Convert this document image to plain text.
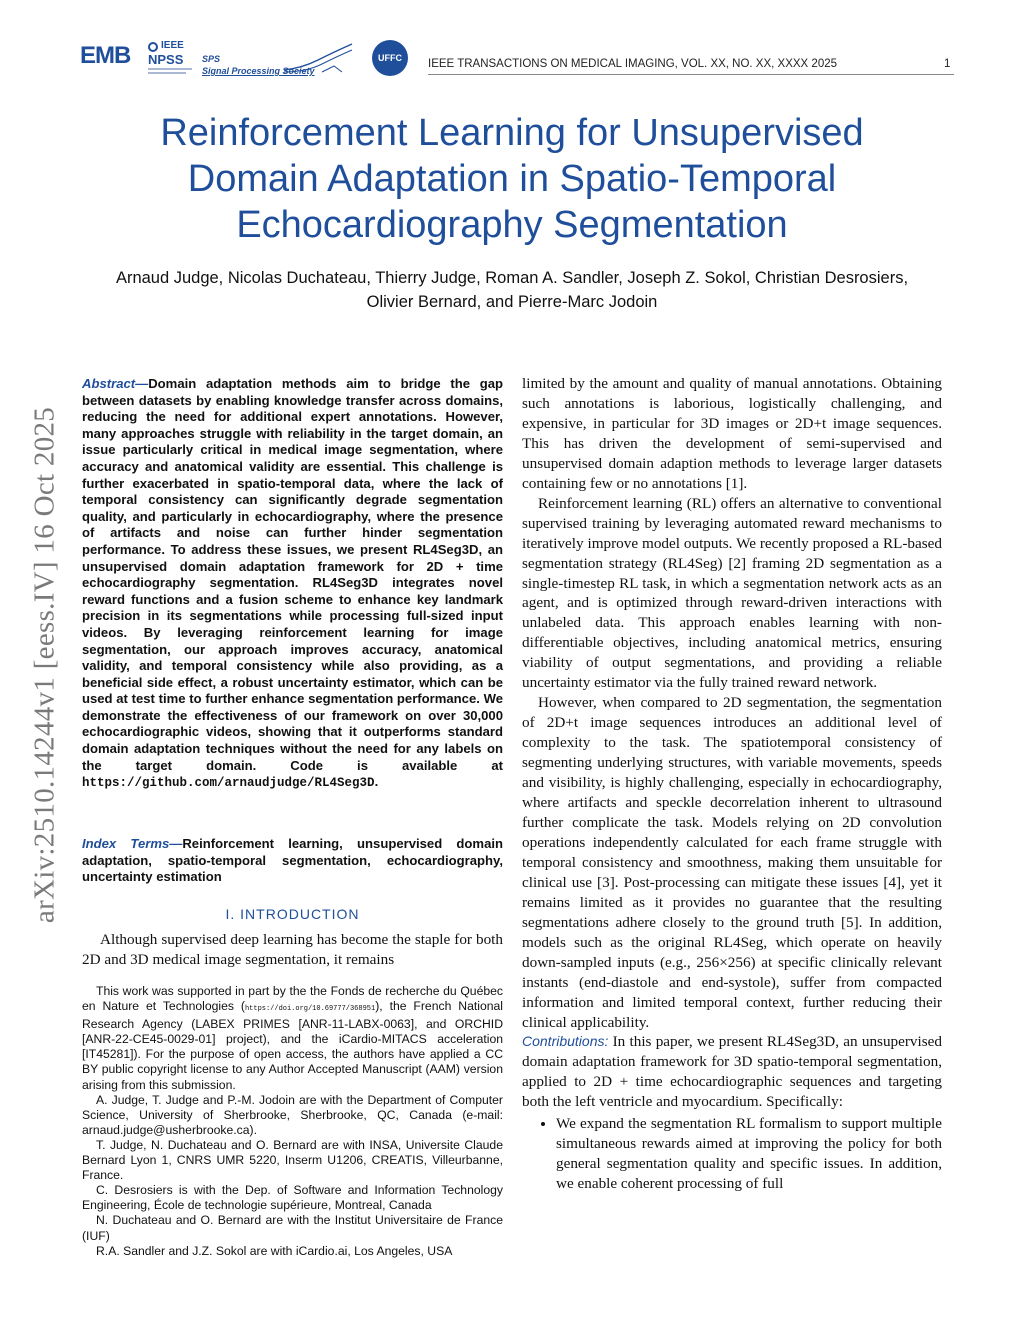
EMB	IEEE
NPSS SPS
Signal Processing Society
UFFC	IEEE TRANSACTIONS ON MEDICAL IMAGING, VOL. XX, NO. XX, XXXX 2025	1
Reinforcement Learning for Unsupervised Domain Adaptation in Spatio-Temporal Echocardiography Segmentation

Arnaud Judge, Nicolas Duchateau, Thierry Judge, Roman A. Sandler, Joseph Z. Sokol, Christian Desrosiers, Olivier Bernard, and Pierre-Marc Jodoin

arXiv:2510.14244v1 [eess.IV] 16 Oct 2025

Abstract—Domain adaptation methods aim to bridge the gap between datasets by enabling knowledge transfer across domains, reducing the need for additional expert annotations. However, many approaches struggle with reliability in the target domain, an issue particularly critical in medical image segmentation, where accuracy and anatomical validity are essential. This challenge is further exacerbated in spatio-temporal data, where the lack of temporal consistency can significantly degrade segmentation quality, and particularly in echocardiography, where the presence of artifacts and noise can further hinder segmentation performance. To address these issues, we present RL4Seg3D, an unsupervised domain adaptation framework for 2D + time echocardiography segmentation. RL4Seg3D integrates novel reward functions and a fusion scheme to enhance key landmark precision in its segmentations while processing full-sized input videos. By leveraging reinforcement learning for image segmentation, our approach improves accuracy, anatomical validity, and temporal consistency while also providing, as a beneficial side effect, a robust uncertainty estimator, which can be used at test time to further enhance segmentation performance. We demonstrate the effectiveness of our framework on over 30,000 echocardiographic videos, showing that it outperforms standard domain adaptation techniques without the need for any labels on the target domain. Code is available at https://github.com/arnaudjudge/RL4Seg3D.

Index Terms—Reinforcement learning, unsupervised domain adaptation, spatio-temporal segmentation, echocardiography, uncertainty estimation

I. INTRODUCTION

Although supervised deep learning has become the staple for both 2D and 3D medical image segmentation, it remains

This work was supported in part by the the Fonds de recherche du Québec en Nature et Technologies (https://doi.org/10.69777/368951), the French National Research Agency (LABEX PRIMES [ANR-11-LABX-0063], and ORCHID [ANR-22-CE45-0029-01] project), and the iCardio-MITACS acceleration [IT45281]). For the purpose of open access, the authors have applied a CC BY public copyright license to any Author Accepted Manuscript (AAM) version arising from this submission.

A. Judge, T. Judge and P.-M. Jodoin are with the Department of Computer Science, University of Sherbrooke, Sherbrooke, QC, Canada (e-mail: arnaud.judge@usherbrooke.ca).

T. Judge, N. Duchateau and O. Bernard are with INSA, Universite Claude Bernard Lyon 1, CNRS UMR 5220, Inserm U1206, CREATIS, Villeurbanne, France.

C. Desrosiers is with the Dep. of Software and Information Technology Engineering, École de technologie supérieure, Montreal, Canada

N. Duchateau and O. Bernard are with the Institut Universitaire de France (IUF)

R.A. Sandler and J.Z. Sokol are with iCardio.ai, Los Angeles, USA

limited by the amount and quality of manual annotations. Obtaining such annotations is laborious, logistically challenging, and expensive, in particular for 3D images or 2D+t image sequences. This has driven the development of semi-supervised and unsupervised domain adaption methods to leverage larger datasets containing few or no annotations [1].

Reinforcement learning (RL) offers an alternative to conventional supervised training by leveraging automated reward mechanisms to iteratively improve model outputs. We recently proposed a RL-based segmentation strategy (RL4Seg) [2] framing 2D segmentation as a single-timestep RL task, in which a segmentation network acts as an agent, and is optimized through reward-driven interactions with unlabeled data. This approach enables learning with non-differentiable objectives, including anatomical metrics, ensuring viability of output segmentations, and providing a reliable uncertainty estimator via the fully trained reward network.

However, when compared to 2D segmentation, the segmentation of 2D+t image sequences introduces an additional level of complexity to the task. The spatiotemporal consistency of segmenting underlying structures, with variable movements, speeds and visibility, is highly challenging, especially in echocardiography, where artifacts and speckle decorrelation inherent to ultrasound further complicate the task. Models relying on 2D convolution operations independently calculated for each frame struggle with temporal consistency and smoothness, making them unsuitable for clinical use [3]. Post-processing can mitigate these issues [4], yet it remains limited as it provides no guarantee that the resulting segmentations adhere closely to the ground truth [5]. In addition, models such as the original RL4Seg, which operate on heavily down-sampled inputs (e.g., 256×256) at specific clinically relevant instants (end-diastole and end-systole), suffer from compacted information and limited temporal context, further reducing their clinical applicability.

Contributions: In this paper, we present RL4Seg3D, an unsupervised domain adaptation framework for 3D spatio-temporal segmentation, applied to 2D + time echocardiographic sequences and targeting both the left ventricle and myocardium. Specifically:

• We expand the segmentation RL formalism to support multiple simultaneous rewards aimed at improving the policy for both general segmentation quality and specific issues. In addition, we enable coherent processing of full
